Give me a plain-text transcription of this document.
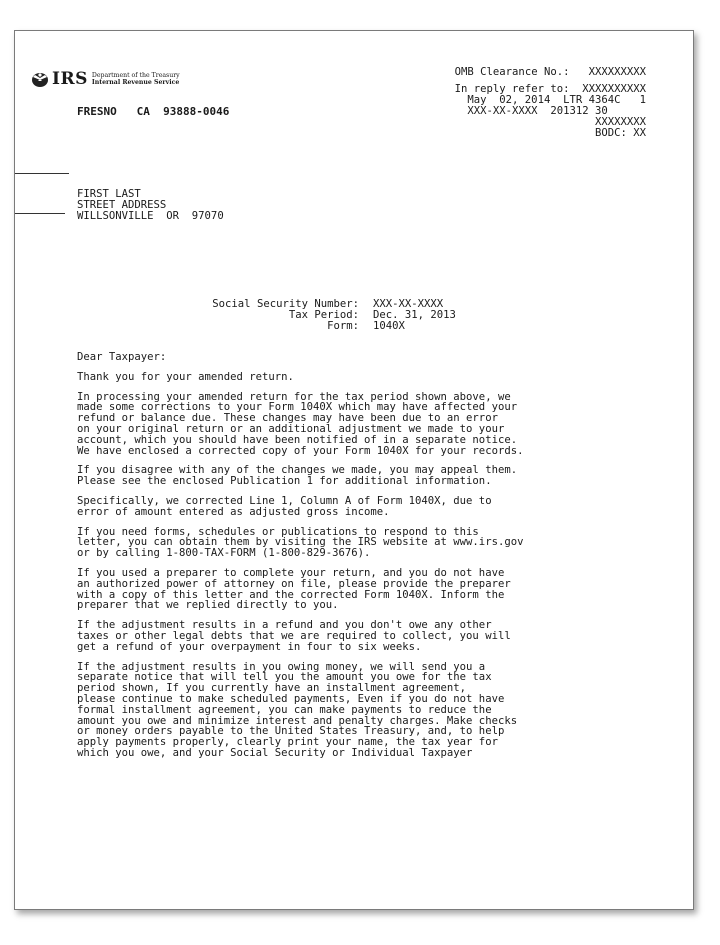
IRS Department of the Treasury
Internal Revenue Service
FRESNO   CA  93888-0046
OMB Clearance No.:   XXXXXXXXX
In reply refer to:  XXXXXXXXXX
May  02, 2014  LTR 4364C   1
XXX-XX-XXXX  201312 30
XXXXXXXX
BODC: XX
FIRST LAST
STREET ADDRESS
WILLSONVILLE  OR  97070
Social Security Number: XXX-XX-XXXX
Tax Period: Dec. 31, 2013
Form: 1040X
Dear Taxpayer:
Thank you for your amended return.
In processing your amended return for the tax period shown above, we
made some corrections to your Form 1040X which may have affected your
refund or balance due. These changes may have been due to an error
on your original return or an additional adjustment we made to your
account, which you should have been notified of in a separate notice.
We have enclosed a corrected copy of your Form 1040X for your records.
If you disagree with any of the changes we made, you may appeal them.
Please see the enclosed Publication 1 for additional information.
Specifically, we corrected Line 1, Column A of Form 1040X, due to
error of amount entered as adjusted gross income.
If you need forms, schedules or publications to respond to this
letter, you can obtain them by visiting the IRS website at www.irs.gov
or by calling 1-800-TAX-FORM (1-800-829-3676).
If you used a preparer to complete your return, and you do not have
an authorized power of attorney on file, please provide the preparer
with a copy of this letter and the corrected Form 1040X. Inform the
preparer that we replied directly to you.
If the adjustment results in a refund and you don't owe any other
taxes or other legal debts that we are required to collect, you will
get a refund of your overpayment in four to six weeks.
If the adjustment results in you owing money, we will send you a
separate notice that will tell you the amount you owe for the tax
period shown, If you currently have an installment agreement,
please continue to make scheduled payments, Even if you do not have
formal installment agreement, you can make payments to reduce the
amount you owe and minimize interest and penalty charges. Make checks
or money orders payable to the United States Treasury, and, to help
apply payments properly, clearly print your name, the tax year for
which you owe, and your Social Security or Individual Taxpayer
